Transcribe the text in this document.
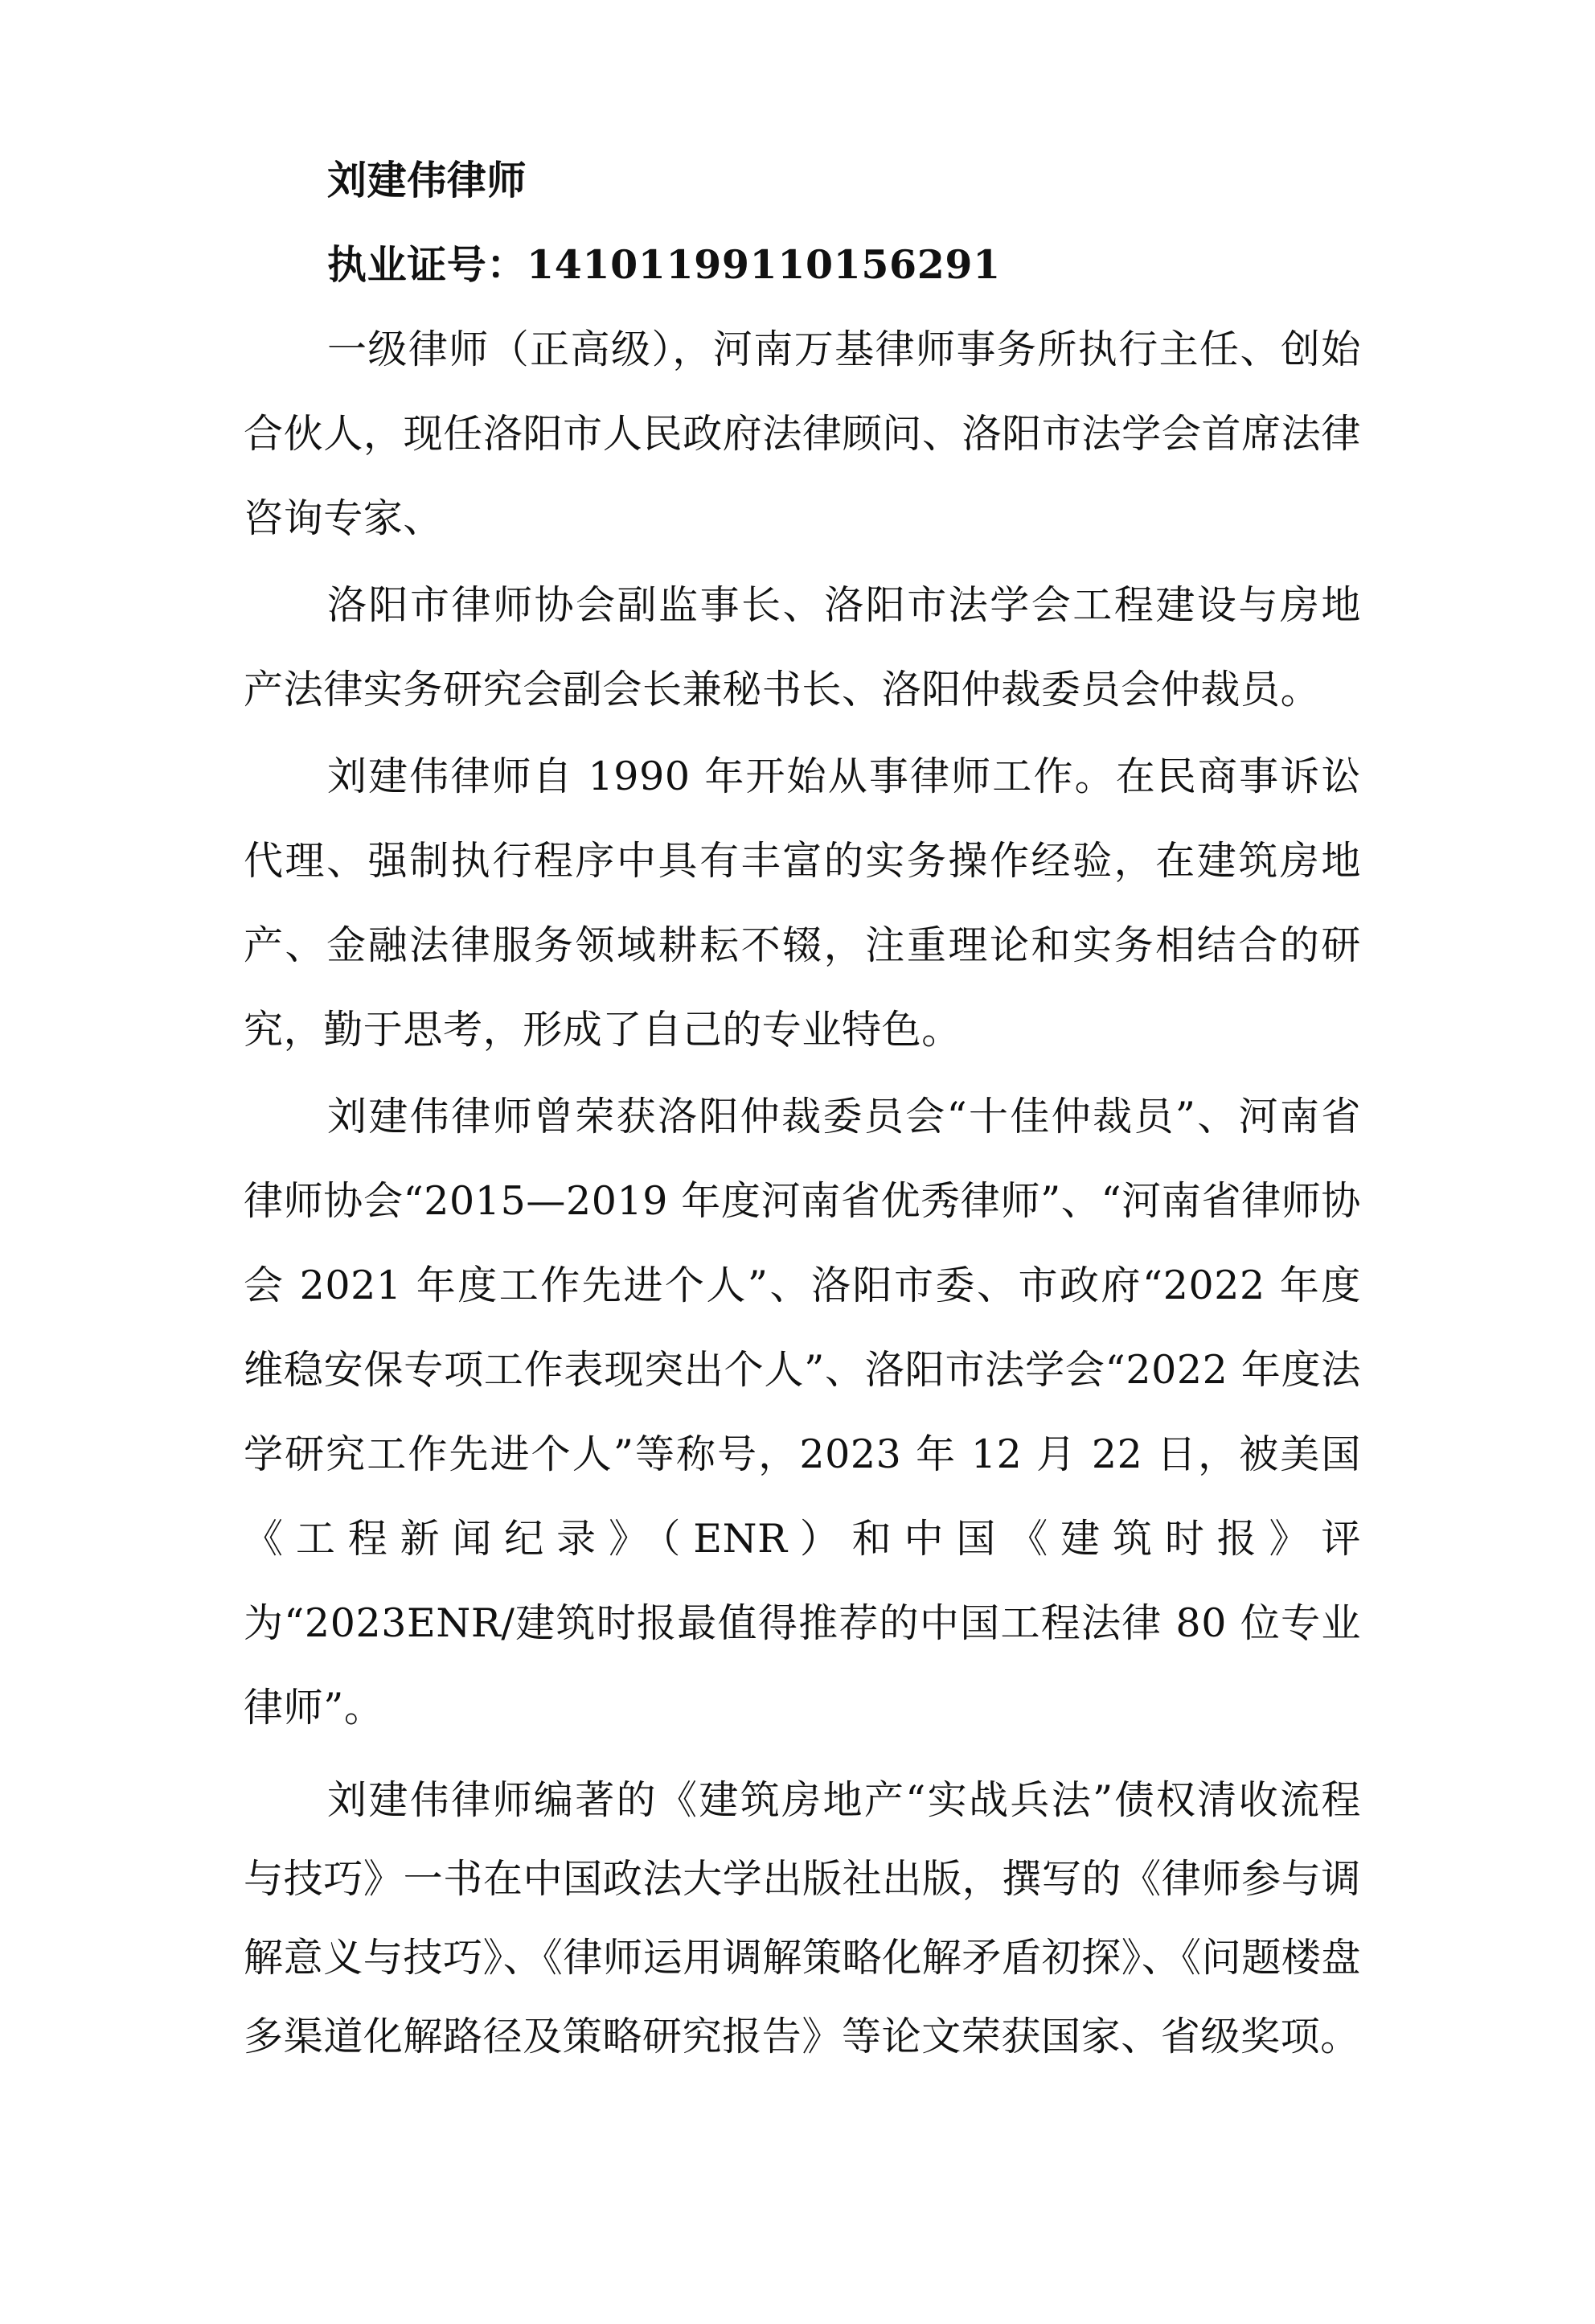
刘建伟律师

执业证号：14101199110156291

一级律师（正高级），河南万基律师事务所执行主任、创始合伙人，现任洛阳市人民政府法律顾问、洛阳市法学会首席法律咨询专家、

洛阳市律师协会副监事长、洛阳市法学会工程建设与房地产法律实务研究会副会长兼秘书长、洛阳仲裁委员会仲裁员。

刘建伟律师自 1990 年开始从事律师工作。在民商事诉讼代理、强制执行程序中具有丰富的实务操作经验，在建筑房地产、金融法律服务领域耕耘不辍，注重理论和实务相结合的研究，勤于思考，形成了自己的专业特色。

刘建伟律师曾荣获洛阳仲裁委员会“十佳仲裁员”、河南省律师协会“2015—2019 年度河南省优秀律师”、“河南省律师协会 2021 年度工作先进个人”、洛阳市委、市政府“2022 年度维稳安保专项工作表现突出个人”、洛阳市法学会“2022 年度法学研究工作先进个人”等称号，2023 年 12 月 22 日，被美国《工程新闻纪录》（ENR）和中国《建筑时报》评为“2023ENR/建筑时报最值得推荐的中国工程法律 80 位专业律师”。

刘建伟律师编著的《建筑房地产“实战兵法”债权清收流程与技巧》一书在中国政法大学出版社出版，撰写的《律师参与调解意义与技巧》、《律师运用调解策略化解矛盾初探》、《问题楼盘多渠道化解路径及策略研究报告》等论文荣获国家、省级奖项。
